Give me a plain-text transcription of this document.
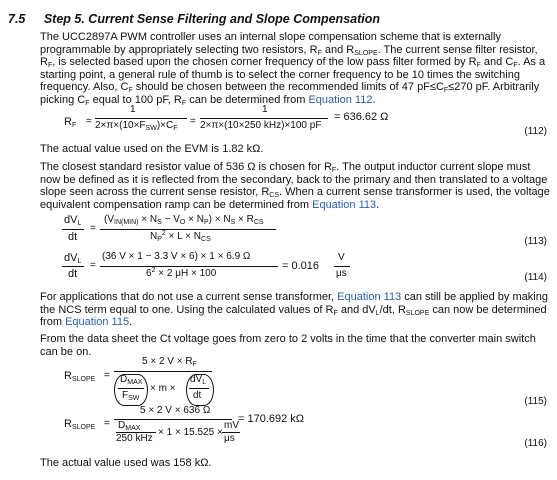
7.5 Step 5. Current Sense Filtering and Slope Compensation
The UCC2897A PWM controller uses an internal slope compensation scheme that is externally programmable by appropriately selecting two resistors, $R_F$ and $R_{SLOPE}$. The current sense filter resistor, $R_F$, is selected based upon the chosen corner frequency of the low pass filter formed by $R_F$ and $C_F$. As a starting point, a general rule of thumb is to select the corner frequency to be 10 times the switching frequency. Also, $C_F$ should be chosen between the recommended limits of 47 $pF\le C_F\le 270$ pF. Arbitrarily picking $C_F$ equal to 100 pF, $R_F$ can be determined from Equation 112.
$R_F$ =
1
$2\times\pi\times(10\times F_{SW})\times C_F$
=
1
2×π×(10×250 kHz)×100 pF
= 636.62 Ω
(112)
The actual value used on the EVM is 1.82 kΩ.
The closest standard resistor value of 536 Ω is chosen for $R_F$. The output inductor current slope must now be defined as it is reflected from the secondary, back to the primary and then translated to a voltage slope seen across the current sense resistor, $R_{CS}$. When a current sense transformer is used, the voltage equivalent compensation ramp can be determined from Equation 113.
$dV_L$
dt
=
$(V_{IN(MIN)} \times N_S - V_O \times N_P) \times N_S \times R_{CS}$
$N_P^2 \times L \times N_{CS}$	(113)
$dV_L$
dt
=
(36 V × 1 − 3.3 V × 6) × 1 × 6.9 Ω
$6^2 \times 2$ μH × 100
= 0.016
V
μs	(114)
For applications that do not use a current sense transformer, Equation 113 can still be applied by making the NCS term equal to one. Using the calculated values of $R_F$ and $dV_L/dt$, $R_{SLOPE}$ can now be determined from Equation 115.
From the data sheet the Ct voltage goes from zero to 2 volts in the time that the converter main switch can be on.
$R_{SLOPE}$ =
5 × 2 $V \times R_F$
$D_{MAX}$
$F_{SW}$
× m ×
$dV_L$
dt
(115)
$R_{SLOPE}$ =
5 × 2 V × 636 Ω
$D_{MAX}$
250 kHz
× 1 × 15.525 ×
mV
μs
= 170.692 kΩ
(116)
The actual value used was 158 kΩ.
